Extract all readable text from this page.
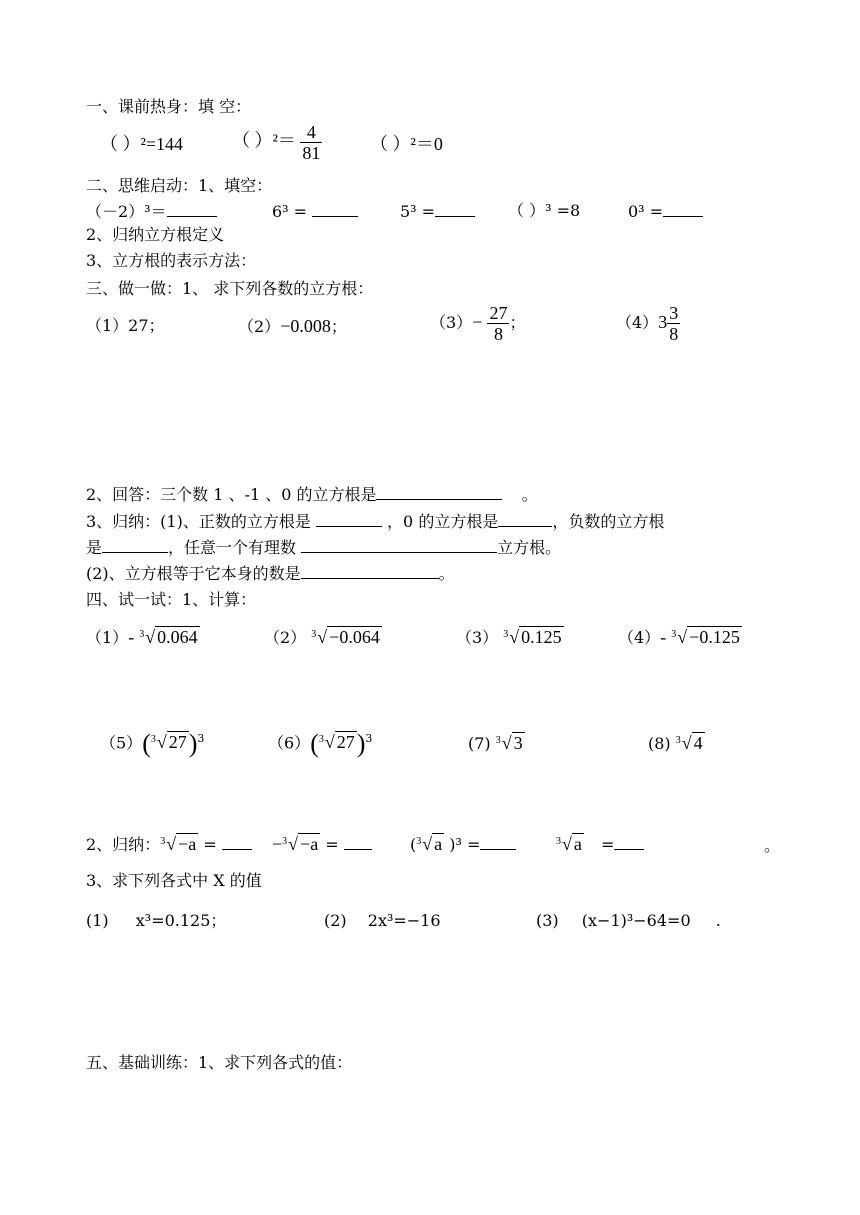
一、课前热身：填 空：
（ ）²=144	（ ）$^2= \frac{4}{81}$	（ ）²＝0
二、思维启动：1、填空：
（－2）³＝	6³ =	5³ =	（ ）³ =8	0³ =
2、归纳立方根定义
3、立方根的表示方法：
三、做一做：1、 求下列各数的立方根：
（1）27；	（2）−0.008；	$(3)- \frac{27}{8}$ ；	$(4)3 \frac{3}{8}$
2、回答：三个数 1 、-1 、0 的立方根是	。
3、归纳：(1)、正数的立方根是	，0 的立方根是	，负数的立方根
是	，任意一个有理数	立方根。
(2)、立方根等于它本身的数是	。
四、试一试：1、计算：
（1）- 3 √ 0.064	（2） 3 √ −0.064	（3） 3 √ 0.125	（4）- 3 √ −0.125
（5）( 3 √ 27)$^3$	（6）( 3 √ 27)$^3$	(7) 3 √ 3	(8) 3 √ 4
2、归纳： 3 √ −a =	− 3 √ −a =	( 3 √ a )³ =	3 √ a =	。
3、求下列各式中 X 的值
(1) x³=0.125；	(2) 2x³=−16	(3) (x−1)³−64=0 .
五、基础训练：1、求下列各式的值：
